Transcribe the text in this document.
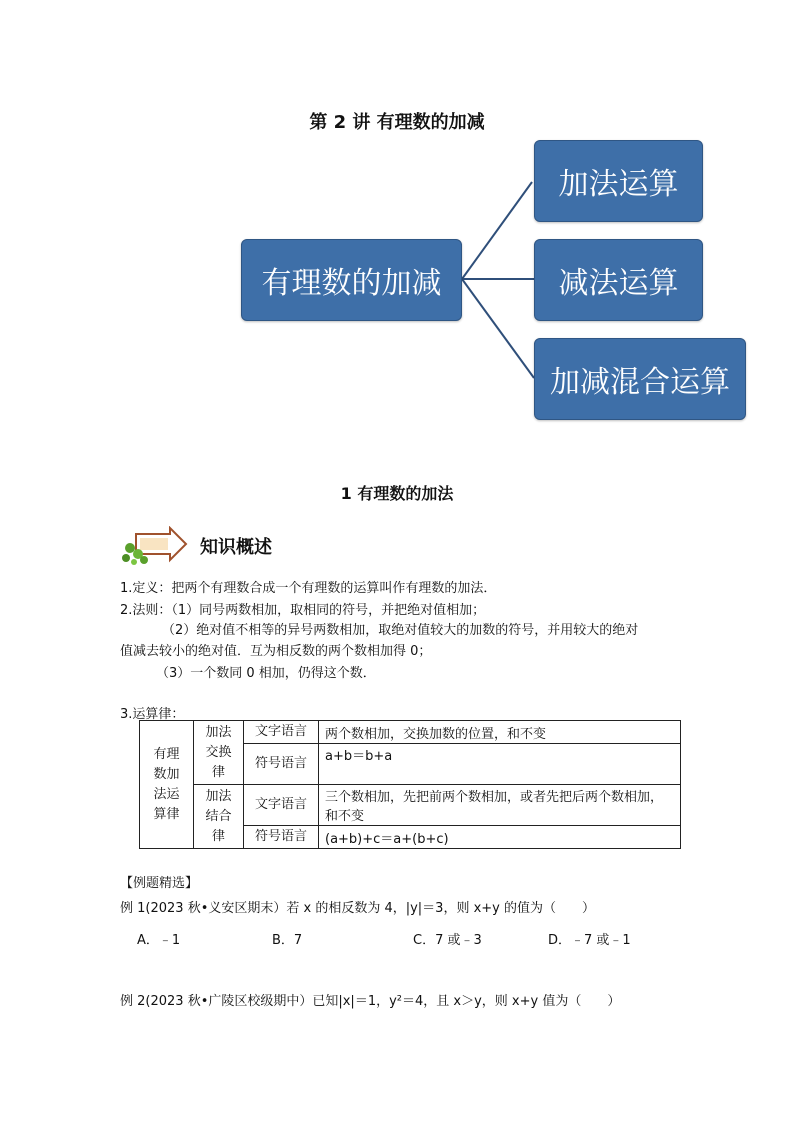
第 2 讲 有理数的加减
有理数的加减
加法运算
减法运算
加减混合运算
1 有理数的加法
知识概述
1.定义：把两个有理数合成一个有理数的运算叫作有理数的加法．
2.法则：（1）同号两数相加，取相同的符号，并把绝对值相加；
（2）绝对值不相等的异号两数相加，取绝对值较大的加数的符号，并用较大的绝对
值减去较小的绝对值．互为相反数的两个数相加得 0；
（3）一个数同 0 相加，仍得这个数．
3.运算律：
有理数加法运算律	加法交换律	文字语言	两个数相加，交换加数的位置，和不变
		符号语言	a+b＝b+a
	加法结合律	文字语言	三个数相加，先把前两个数相加，或者先把后两个数相加，和不变
		符号语言	(a+b)+c＝a+(b+c)
【例题精选】
例 1(2023 秋•义安区期末）若 x 的相反数为 4，|y|＝3，则 x+y 的值为（　　）
A．﹣1	B．7	C．7 或﹣3	D．﹣7 或﹣1
例 2(2023 秋•广陵区校级期中）已知|x|＝1，y²＝4，且 x＞y，则 x+y 值为（　　）
